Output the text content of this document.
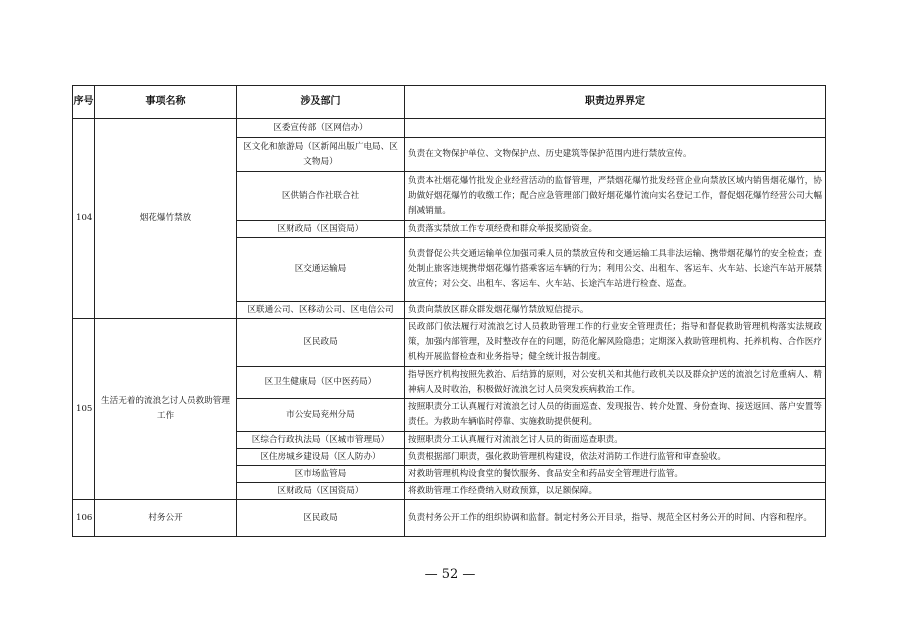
序号	事项名称	涉及部门	职责边界界定
104	烟花爆竹禁放	区委宣传部（区网信办）	
		区文化和旅游局（区新闻出版广电局、区文物局）	负责在文物保护单位、文物保护点、历史建筑等保护范围内进行禁放宣传。
		区供销合作社联合社	负责本社烟花爆竹批发企业经营活动的监督管理，严禁烟花爆竹批发经营企业向禁放区域内销售烟花爆竹，协助做好烟花爆竹的收缴工作；配合应急管理部门做好烟花爆竹流向实名登记工作，督促烟花爆竹经营公司大幅削减销量。
		区财政局（区国资局）	负责落实禁放工作专项经费和群众举报奖励资金。
		区交通运输局	负责督促公共交通运输单位加强司乘人员的禁放宣传和交通运输工具非法运输、携带烟花爆竹的安全检查；查处制止旅客违规携带烟花爆竹搭乘客运车辆的行为；利用公交、出租车、客运车、火车站、长途汽车站开展禁放宣传；对公交、出租车、客运车、火车站、长途汽车站进行检查、巡查。
		区联通公司、区移动公司、区电信公司	负责向禁放区群众群发烟花爆竹禁放短信提示。
105	生活无着的流浪乞讨人员救助管理工作	区民政局	民政部门依法履行对流浪乞讨人员救助管理工作的行业安全管理责任；指导和督促救助管理机构落实法规政策，加强内部管理，及时整改存在的问题，防范化解风险隐患；定期深入救助管理机构、托养机构、合作医疗机构开展监督检查和业务指导；健全统计报告制度。
		区卫生健康局（区中医药局）	指导医疗机构按照先救治、后结算的原则，对公安机关和其他行政机关以及群众护送的流浪乞讨危重病人、精神病人及时收治，积极做好流浪乞讨人员突发疾病救治工作。
		市公安局兖州分局	按照职责分工认真履行对流浪乞讨人员的街面巡查、发现报告、转介处置、身份查询、接送返回、落户安置等责任。为救助车辆临时停靠、实施救助提供便利。
		区综合行政执法局（区城市管理局）	按照职责分工认真履行对流浪乞讨人员的街面巡查职责。
		区住房城乡建设局（区人防办）	负责根据部门职责，强化救助管理机构建设，依法对消防工作进行监管和审查验收。
		区市场监管局	对救助管理机构设食堂的餐饮服务、食品安全和药品安全管理进行监管。
		区财政局（区国资局）	将救助管理工作经费纳入财政预算，以足额保障。
106	村务公开	区民政局	负责村务公开工作的组织协调和监督。制定村务公开目录，指导、规范全区村务公开的时间、内容和程序。
— 52 —
